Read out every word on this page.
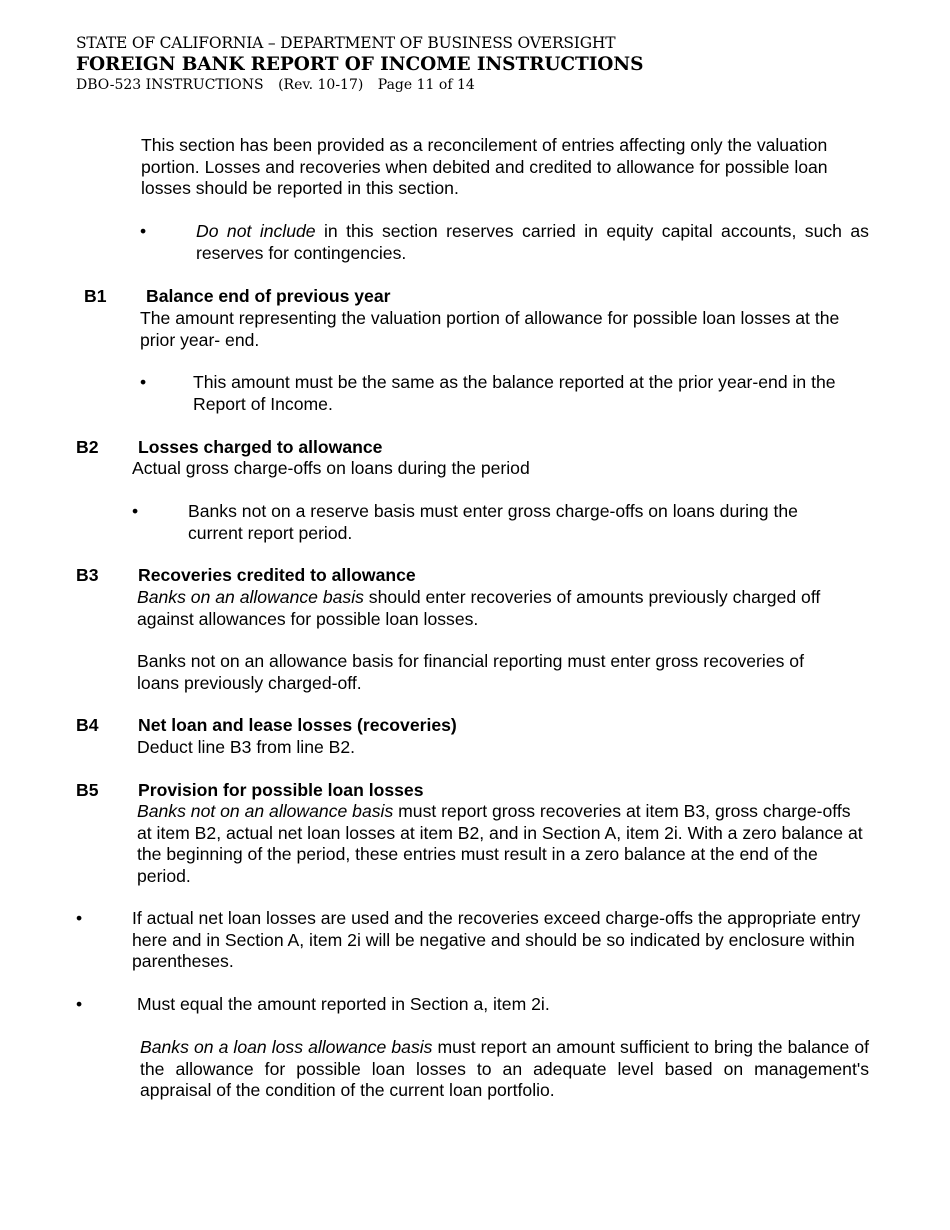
STATE OF CALIFORNIA – DEPARTMENT OF BUSINESS OVERSIGHT
FOREIGN BANK REPORT OF INCOME INSTRUCTIONS
DBO-523 INSTRUCTIONS (Rev. 10-17) Page 11 of 14
This section has been provided as a reconcilement of entries affecting only the valuation portion. Losses and recoveries when debited and credited to allowance for possible loan losses should be reported in this section.
•	Do not include in this section reserves carried in equity capital accounts, such as reserves for contingencies.
B1 Balance end of previous year
The amount representing the valuation portion of allowance for possible loan losses at the prior year- end.
•	This amount must be the same as the balance reported at the prior year-end in the Report of Income.
B2 Losses charged to allowance
Actual gross charge-offs on loans during the period
•	Banks not on a reserve basis must enter gross charge-offs on loans during the current report period.
B3 Recoveries credited to allowance
Banks on an allowance basis should enter recoveries of amounts previously charged off against allowances for possible loan losses.
Banks not on an allowance basis for financial reporting must enter gross recoveries of loans previously charged-off.
B4 Net loan and lease losses (recoveries)
Deduct line B3 from line B2.
B5 Provision for possible loan losses
Banks not on an allowance basis must report gross recoveries at item B3, gross charge-offs at item B2, actual net loan losses at item B2, and in Section A, item 2i. With a zero balance at the beginning of the period, these entries must result in a zero balance at the end of the period.
•	If actual net loan losses are used and the recoveries exceed charge-offs the appropriate entry here and in Section A, item 2i will be negative and should be so indicated by enclosure within parentheses.
•	Must equal the amount reported in Section a, item 2i.
Banks on a loan loss allowance basis must report an amount sufficient to bring the balance of the allowance for possible loan losses to an adequate level based on management's appraisal of the condition of the current loan portfolio.
